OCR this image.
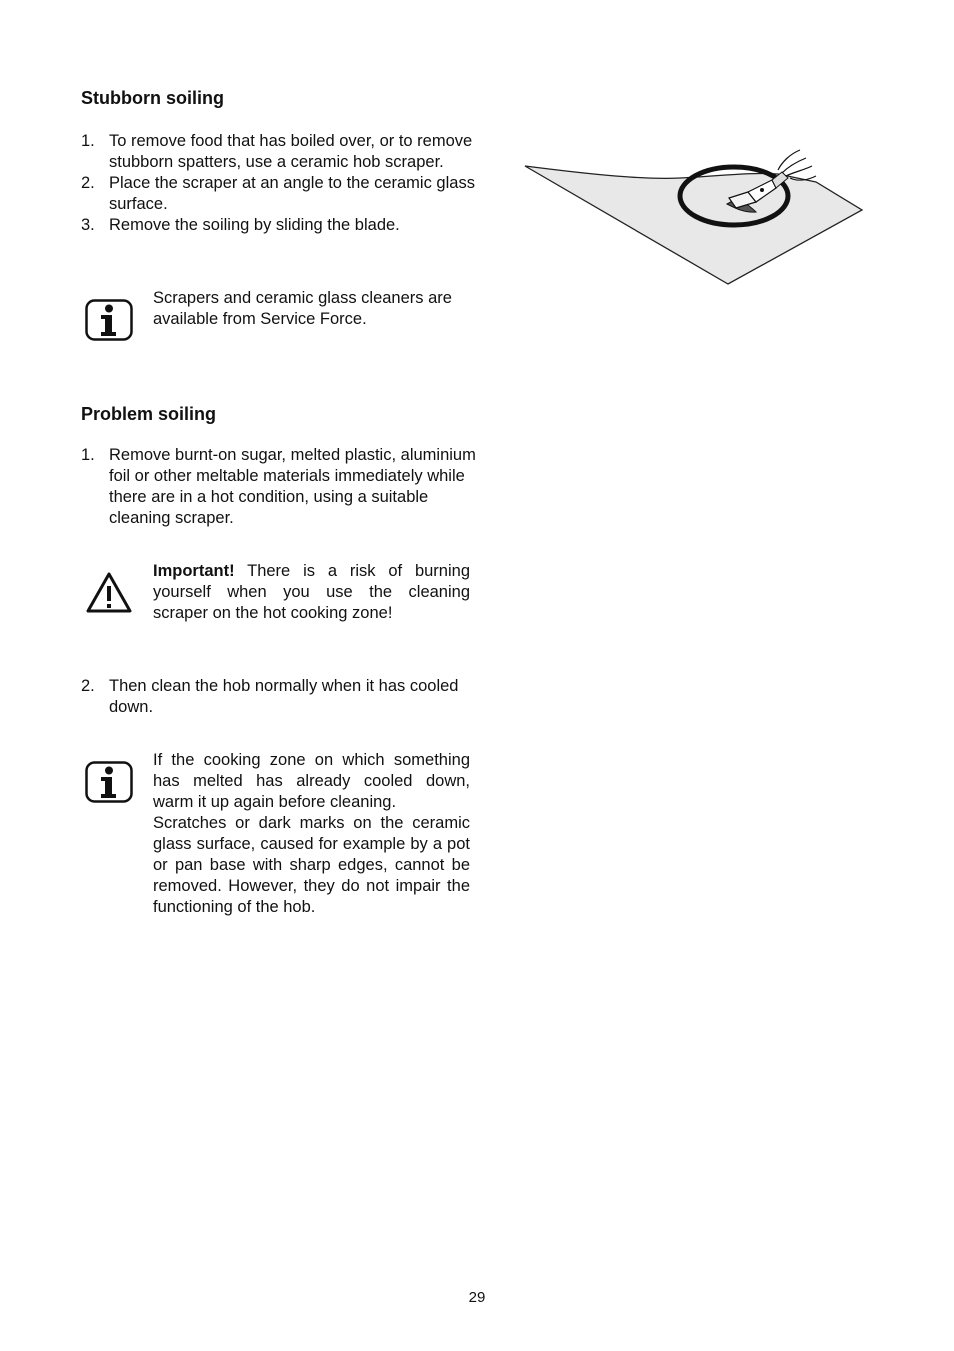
Stubborn soiling
1. To remove food that has boiled over, or to remove stubborn spatters, use a ceramic hob scraper.
2. Place the scraper at an angle to the ceramic glass surface.
3. Remove the soiling by sliding the blade.
Scrapers and ceramic glass cleaners are available from Service Force.
Problem soiling
1. Remove burnt-on sugar, melted plastic, aluminium foil or other meltable materials immediately while there are in a hot condition, using a suitable cleaning scraper.
Important! There is a risk of burning yourself when you use the cleaning scraper on the hot cooking zone!
2. Then clean the hob normally when it has cooled down.
If the cooking zone on which something has melted has already cooled down, warm it up again before cleaning.
Scratches or dark marks on the ceramic glass surface, caused for example by a pot or pan base with sharp edges, cannot be removed. However, they do not impair the functioning of the hob.
29
